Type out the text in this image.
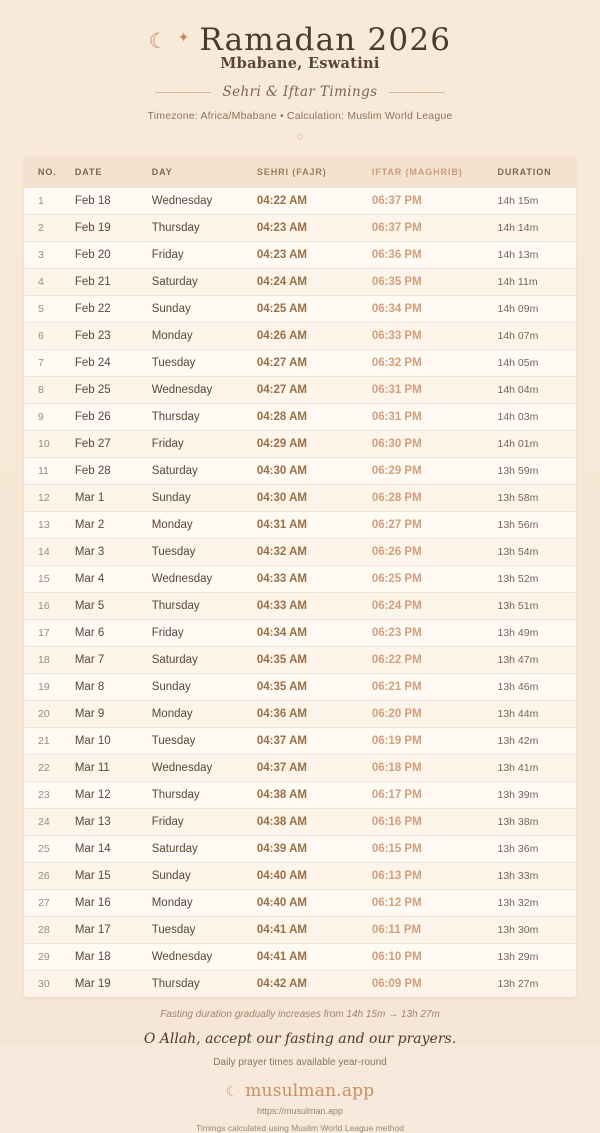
☾ ✦ Ramadan 2026
Mbabane, Eswatini
Sehri & Iftar Timings
Timezone: Africa/Mbabane • Calculation: Muslim World League
◇
NO.	DATE	DAY	SEHRI (FAJR)	IFTAR (MAGHRIB)	DURATION
1	Feb 18	Wednesday	04:22 AM	06:37 PM	14h 15m
2	Feb 19	Thursday	04:23 AM	06:37 PM	14h 14m
3	Feb 20	Friday	04:23 AM	06:36 PM	14h 13m
4	Feb 21	Saturday	04:24 AM	06:35 PM	14h 11m
5	Feb 22	Sunday	04:25 AM	06:34 PM	14h 09m
6	Feb 23	Monday	04:26 AM	06:33 PM	14h 07m
7	Feb 24	Tuesday	04:27 AM	06:32 PM	14h 05m
8	Feb 25	Wednesday	04:27 AM	06:31 PM	14h 04m
9	Feb 26	Thursday	04:28 AM	06:31 PM	14h 03m
10	Feb 27	Friday	04:29 AM	06:30 PM	14h 01m
11	Feb 28	Saturday	04:30 AM	06:29 PM	13h 59m
12	Mar 1	Sunday	04:30 AM	06:28 PM	13h 58m
13	Mar 2	Monday	04:31 AM	06:27 PM	13h 56m
14	Mar 3	Tuesday	04:32 AM	06:26 PM	13h 54m
15	Mar 4	Wednesday	04:33 AM	06:25 PM	13h 52m
16	Mar 5	Thursday	04:33 AM	06:24 PM	13h 51m
17	Mar 6	Friday	04:34 AM	06:23 PM	13h 49m
18	Mar 7	Saturday	04:35 AM	06:22 PM	13h 47m
19	Mar 8	Sunday	04:35 AM	06:21 PM	13h 46m
20	Mar 9	Monday	04:36 AM	06:20 PM	13h 44m
21	Mar 10	Tuesday	04:37 AM	06:19 PM	13h 42m
22	Mar 11	Wednesday	04:37 AM	06:18 PM	13h 41m
23	Mar 12	Thursday	04:38 AM	06:17 PM	13h 39m
24	Mar 13	Friday	04:38 AM	06:16 PM	13h 38m
25	Mar 14	Saturday	04:39 AM	06:15 PM	13h 36m
26	Mar 15	Sunday	04:40 AM	06:13 PM	13h 33m
27	Mar 16	Monday	04:40 AM	06:12 PM	13h 32m
28	Mar 17	Tuesday	04:41 AM	06:11 PM	13h 30m
29	Mar 18	Wednesday	04:41 AM	06:10 PM	13h 29m
30	Mar 19	Thursday	04:42 AM	06:09 PM	13h 27m
Fasting duration gradually increases from 14h 15m → 13h 27m
O Allah, accept our fasting and our prayers.
Daily prayer times available year-round
☾ musulman.app
https://musulman.app
Timings calculated using Muslim World League method
